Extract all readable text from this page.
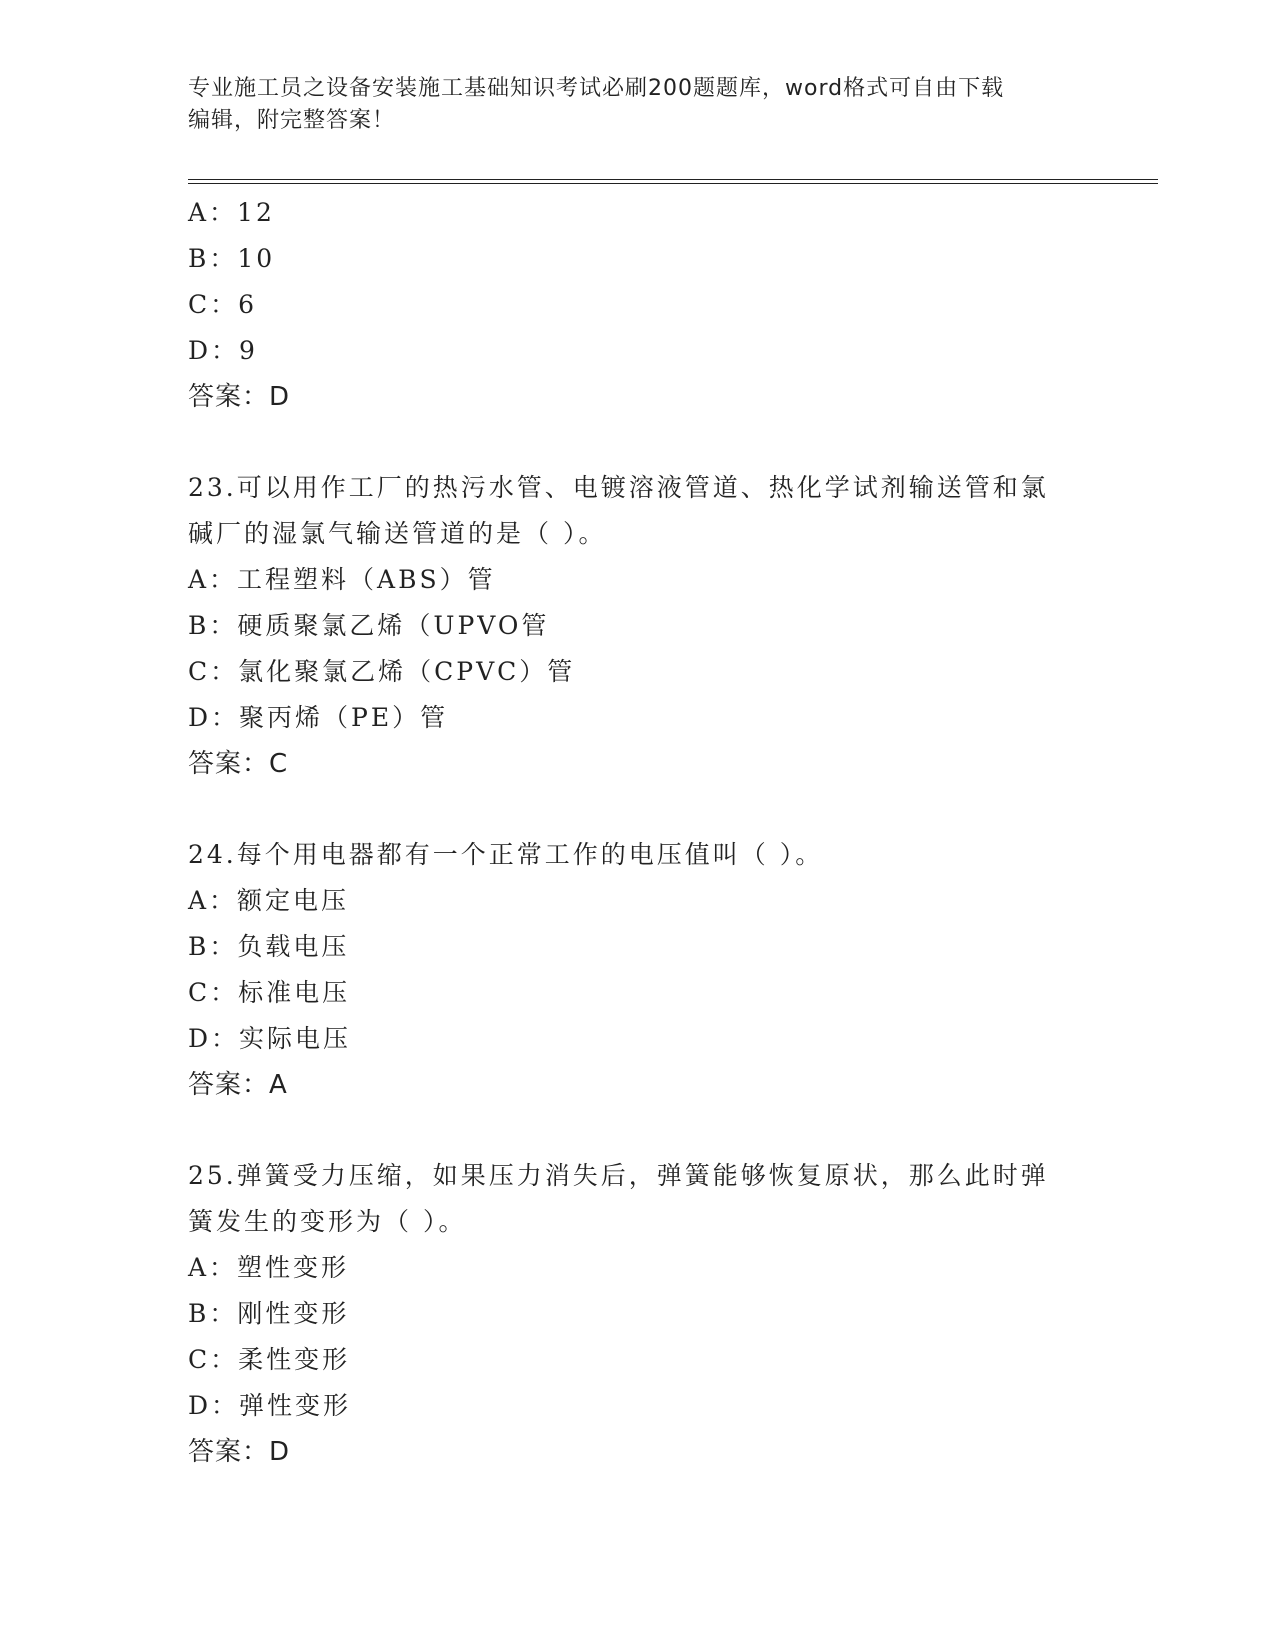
专业施工员之设备安装施工基础知识考试必刷200题题库，word格式可自由下载
编辑，附完整答案！
A：12
B：10
C：6
D：9
答案：D
23.可以用作工厂的热污水管、电镀溶液管道、热化学试剂输送管和氯
碱厂的湿氯气输送管道的是（ ）。
A：工程塑料（ABS）管
B：硬质聚氯乙烯（UPVO管
C：氯化聚氯乙烯（CPVC）管
D：聚丙烯（PE）管
答案：C
24.每个用电器都有一个正常工作的电压值叫（ ）。
A：额定电压
B：负载电压
C：标准电压
D：实际电压
答案：A
25.弹簧受力压缩，如果压力消失后，弹簧能够恢复原状，那么此时弹
簧发生的变形为（ ）。
A：塑性变形
B：刚性变形
C：柔性变形
D：弹性变形
答案：D
